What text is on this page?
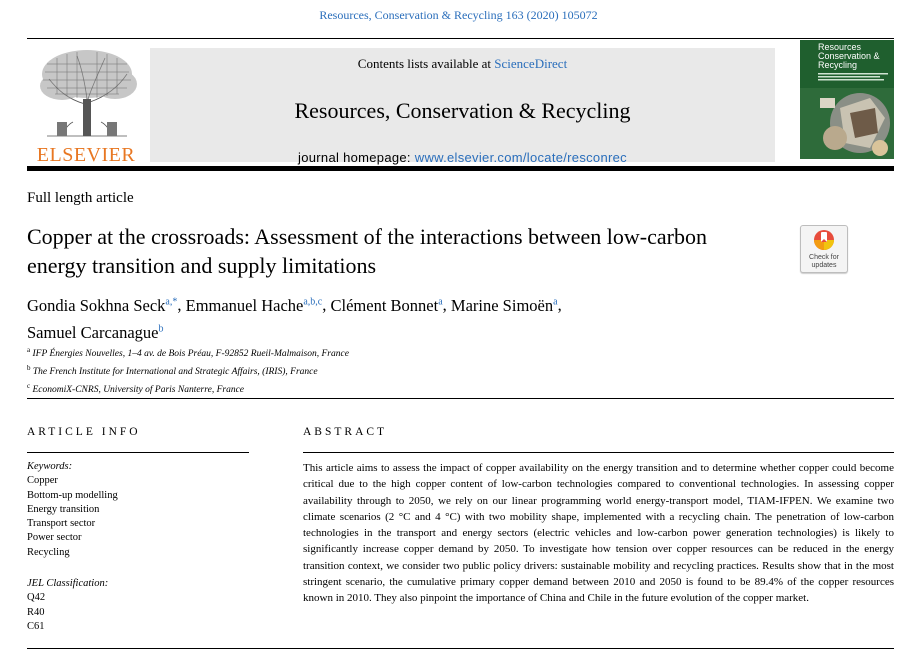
Resources, Conservation & Recycling 163 (2020) 105072
ELSEVIER
Contents lists available at ScienceDirect
Resources, Conservation & Recycling
journal homepage: www.elsevier.com/locate/resconrec
Resources Conservation & Recycling
Full length article
Copper at the crossroads: Assessment of the interactions between low-carbon energy transition and supply limitations	Check for updates
Gondia Sokhna Seck$^{a,*}$, Emmanuel Hache$^{a,b,c}$, Clément Bonnet$^a$, Marine Simoën$^a$,
Samuel Carcanague$^b$
$^a$ IFP Énergies Nouvelles, 1–4 av. de Bois Préau, F-92852 Rueil-Malmaison, France
$^b$ The French Institute for International and Strategic Affairs, (IRIS), France
$^c$ EconomiX-CNRS, University of Paris Nanterre, France
ARTICLE INFO
Keywords:
Copper
Bottom-up modelling
Energy transition
Transport sector
Power sector
Recycling
JEL Classification:
Q42
R40
C61
ABSTRACT
This article aims to assess the impact of copper availability on the energy transition and to determine whether copper could become critical due to the high copper content of low-carbon technologies compared to conventional technologies. In assessing copper availability through to 2050, we rely on our linear programming world energy-transport model, TIAM-IFPEN. We examine two climate scenarios (2 °C and 4 °C) with two mobility shape, implemented with a recycling chain. The penetration of low-carbon technologies in the transport and energy sectors (electric vehicles and low-carbon power generation technologies) is likely to significantly increase copper demand by 2050. To investigate how tension over copper resources can be reduced in the energy transition context, we consider two public policy drivers: sustainable mobility and recycling practices. Results show that in the most stringent scenario, the cumulative primary copper demand between 2010 and 2050 is found to be 89.4% of the copper resources known in 2010. They also pinpoint the importance of China and Chile in the future evolution of the copper market.
